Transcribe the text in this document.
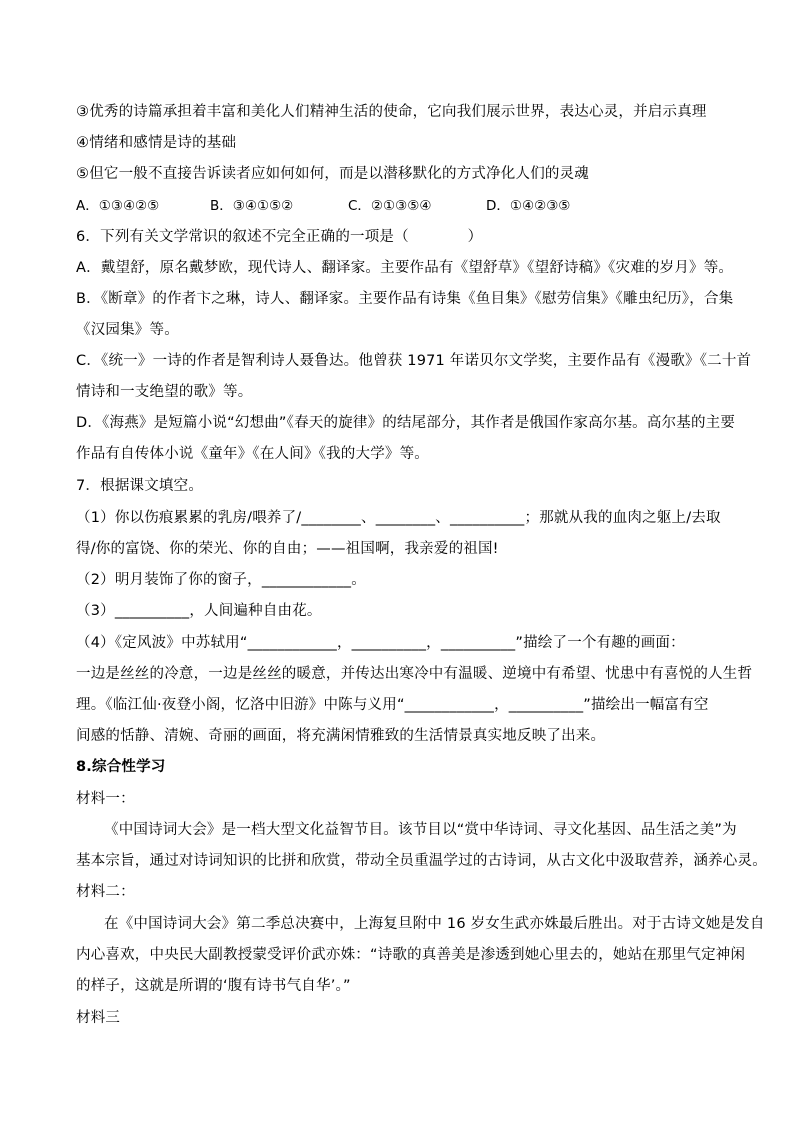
③优秀的诗篇承担着丰富和美化人们精神生活的使命，它向我们展示世界，表达心灵，并启示真理
④情绪和感情是诗的基础
⑤但它一般不直接告诉读者应如何如何，而是以潜移默化的方式净化人们的灵魂
A．①③④②⑤	B．③④①⑤②	C．②①③⑤④	D．①④②③⑤
6．下列有关文学常识的叙述不完全正确的一项是（　　　　）
A．戴望舒，原名戴梦欧，现代诗人、翻译家。主要作品有《望舒草》《望舒诗稿》《灾难的岁月》等。
B．《断章》的作者卞之琳，诗人、翻译家。主要作品有诗集《鱼目集》《慰劳信集》《雕虫纪历》，合集
《汉园集》等。
C．《统一》一诗的作者是智利诗人聂鲁达。他曾获 1971 年诺贝尔文学奖，主要作品有《漫歌》《二十首
情诗和一支绝望的歌》等。
D．《海燕》是短篇小说“幻想曲”《春天的旋律》的结尾部分，其作者是俄国作家高尔基。高尔基的主要
作品有自传体小说《童年》《在人间》《我的大学》等。
7．根据课文填空。
（1）你以伤痕累累的乳房/喂养了/________、________、__________；那就从我的血肉之躯上/去取
得/你的富饶、你的荣光、你的自由；——祖国啊，我亲爱的祖国!
（2）明月装饰了你的窗子，____________。
（3）__________，人间遍种自由花。
（4）《定风波》中苏轼用“____________，__________，__________”描绘了一个有趣的画面：
一边是丝丝的冷意，一边是丝丝的暖意，并传达出寒冷中有温暖、逆境中有希望、忧患中有喜悦的人生哲
理。《临江仙·夜登小阁，忆洛中旧游》中陈与义用“____________，__________”描绘出一幅富有空
间感的恬静、清婉、奇丽的画面，将充满闲情雅致的生活情景真实地反映了出来。
8.综合性学习
材料一：
《中国诗词大会》是一档大型文化益智节目。该节目以“赏中华诗词、寻文化基因、品生活之美”为
基本宗旨，通过对诗词知识的比拼和欣赏，带动全员重温学过的古诗词，从古文化中汲取营养，涵养心灵。
材料二：
在《中国诗词大会》第二季总决赛中，上海复旦附中 16 岁女生武亦姝最后胜出。对于古诗文她是发自
内心喜欢，中央民大副教授蒙受评价武亦姝：“诗歌的真善美是渗透到她心里去的，她站在那里气定神闲
的样子，这就是所谓的‘腹有诗书气自华’。”
材料三
